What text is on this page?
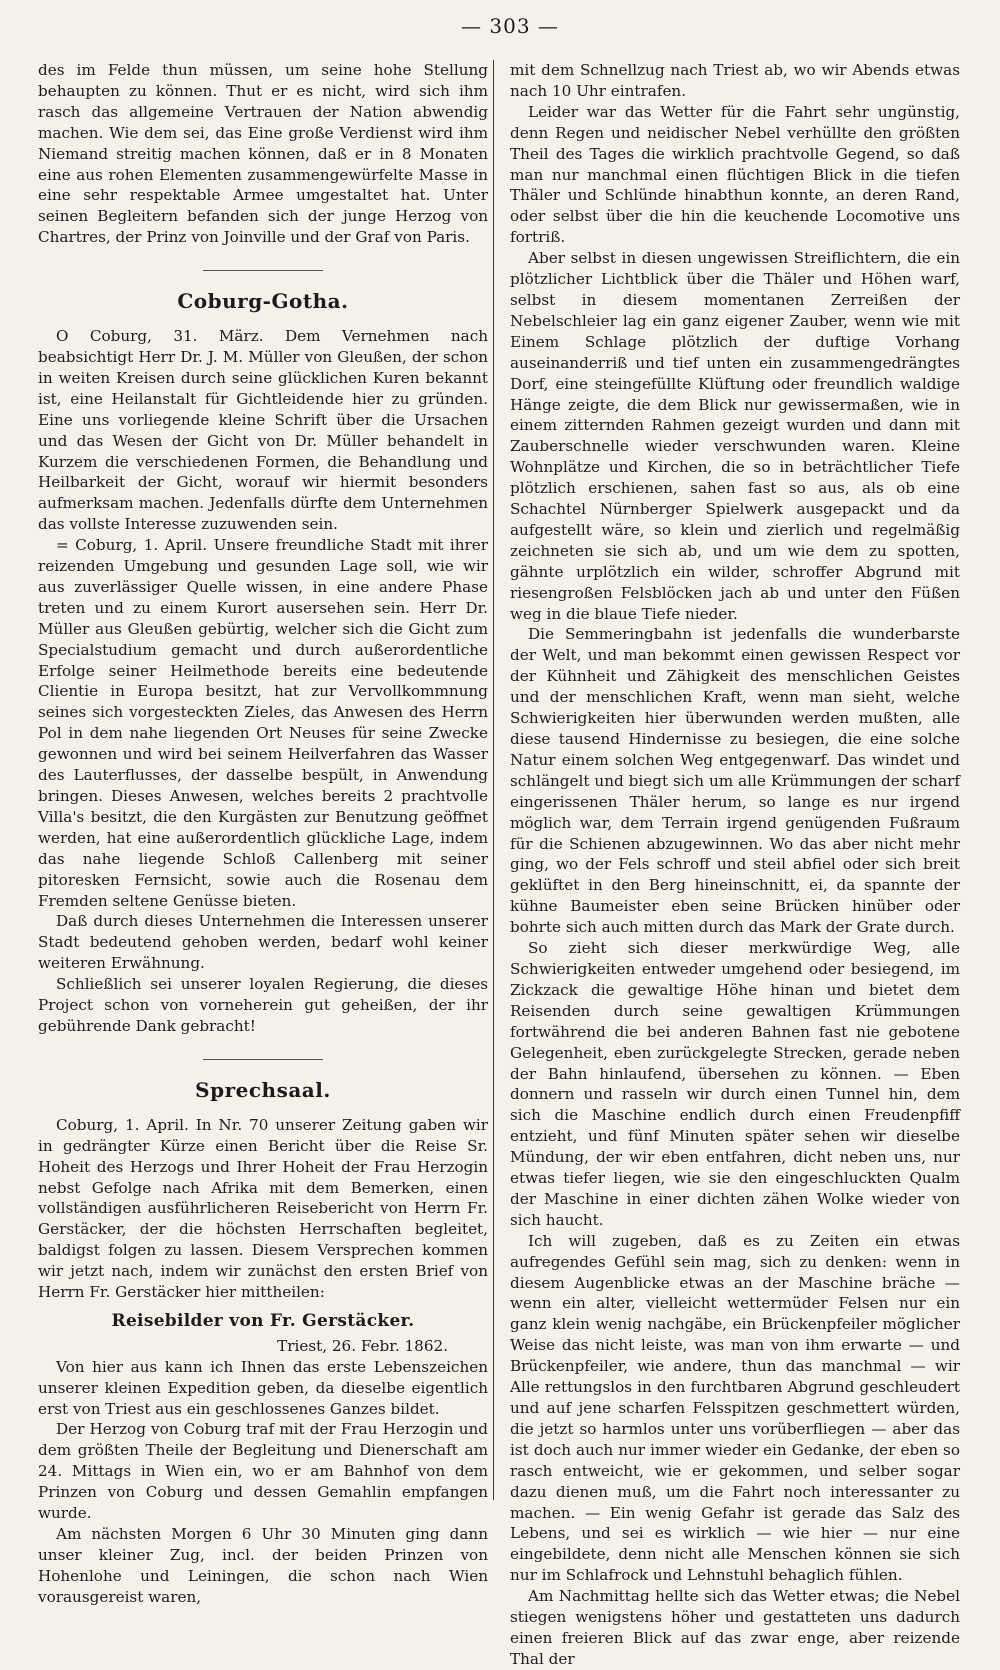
— 303 —

des im Felde thun müssen, um seine hohe Stellung behaupten zu können. Thut er es nicht, wird sich ihm rasch das allgemeine Vertrauen der Nation abwendig machen. Wie dem sei, das Eine große Verdienst wird ihm Niemand streitig machen können, daß er in 8 Monaten eine aus rohen Elementen zusammengewürfelte Masse in eine sehr respektable Armee umgestaltet hat. Unter seinen Begleitern befanden sich der junge Herzog von Chartres, der Prinz von Joinville und der Graf von Paris.

Coburg-Gotha.

O Coburg, 31. März. Dem Vernehmen nach beabsichtigt Herr Dr. J. M. Müller von Gleußen, der schon in weiten Kreisen durch seine glücklichen Kuren bekannt ist, eine Heilanstalt für Gichtleidende hier zu gründen. Eine uns vorliegende kleine Schrift über die Ursachen und das Wesen der Gicht von Dr. Müller behandelt in Kurzem die verschiedenen Formen, die Behandlung und Heilbarkeit der Gicht, worauf wir hiermit besonders aufmerksam machen. Jedenfalls dürfte dem Unternehmen das vollste Interesse zuzuwenden sein.

= Coburg, 1. April. Unsere freundliche Stadt mit ihrer reizenden Umgebung und gesunden Lage soll, wie wir aus zuverlässiger Quelle wissen, in eine andere Phase treten und zu einem Kurort ausersehen sein. Herr Dr. Müller aus Gleußen gebürtig, welcher sich die Gicht zum Specialstudium gemacht und durch außerordentliche Erfolge seiner Heilmethode bereits eine bedeutende Clientie in Europa besitzt, hat zur Vervollkommnung seines sich vorgesteckten Zieles, das Anwesen des Herrn Pol in dem nahe liegenden Ort Neuses für seine Zwecke gewonnen und wird bei seinem Heilverfahren das Wasser des Lauterflusses, der dasselbe bespült, in Anwendung bringen. Dieses Anwesen, welches bereits 2 prachtvolle Villa's besitzt, die den Kurgästen zur Benutzung geöffnet werden, hat eine außerordentlich glückliche Lage, indem das nahe liegende Schloß Callenberg mit seiner pitoresken Fernsicht, sowie auch die Rosenau dem Fremden seltene Genüsse bieten.

Daß durch dieses Unternehmen die Interessen unserer Stadt bedeutend gehoben werden, bedarf wohl keiner weiteren Erwähnung.

Schließlich sei unserer loyalen Regierung, die dieses Project schon von vorneherein gut geheißen, der ihr gebührende Dank gebracht!

Sprechsaal.

Coburg, 1. April. In Nr. 70 unserer Zeitung gaben wir in gedrängter Kürze einen Bericht über die Reise Sr. Hoheit des Herzogs und Ihrer Hoheit der Frau Herzogin nebst Gefolge nach Afrika mit dem Bemerken, einen vollständigen ausführlicheren Reisebericht von Herrn Fr. Gerstäcker, der die höchsten Herrschaften begleitet, baldigst folgen zu lassen. Diesem Versprechen kommen wir jetzt nach, indem wir zunächst den ersten Brief von Herrn Fr. Gerstäcker hier mittheilen:

Reisebilder von Fr. Gerstäcker.

Triest, 26. Febr. 1862.

Von hier aus kann ich Ihnen das erste Lebenszeichen unserer kleinen Expedition geben, da dieselbe eigentlich erst von Triest aus ein geschlossenes Ganzes bildet.

Der Herzog von Coburg traf mit der Frau Herzogin und dem größten Theile der Begleitung und Dienerschaft am 24. Mittags in Wien ein, wo er am Bahnhof von dem Prinzen von Coburg und dessen Gemahlin empfangen wurde.

Am nächsten Morgen 6 Uhr 30 Minuten ging dann unser kleiner Zug, incl. der beiden Prinzen von Hohenlohe und Leiningen, die schon nach Wien vorausgereist waren,

mit dem Schnellzug nach Triest ab, wo wir Abends etwas nach 10 Uhr eintrafen.

Leider war das Wetter für die Fahrt sehr ungünstig, denn Regen und neidischer Nebel verhüllte den größten Theil des Tages die wirklich prachtvolle Gegend, so daß man nur manchmal einen flüchtigen Blick in die tiefen Thäler und Schlünde hinabthun konnte, an deren Rand, oder selbst über die hin die keuchende Locomotive uns fortriß.

Aber selbst in diesen ungewissen Streiflichtern, die ein plötzlicher Lichtblick über die Thäler und Höhen warf, selbst in diesem momentanen Zerreißen der Nebelschleier lag ein ganz eigener Zauber, wenn wie mit Einem Schlage plötzlich der duftige Vorhang auseinanderriß und tief unten ein zusammengedrängtes Dorf, eine steingefüllte Klüftung oder freundlich waldige Hänge zeigte, die dem Blick nur gewissermaßen, wie in einem zitternden Rahmen gezeigt wurden und dann mit Zauberschnelle wieder verschwunden waren. Kleine Wohnplätze und Kirchen, die so in beträchtlicher Tiefe plötzlich erschienen, sahen fast so aus, als ob eine Schachtel Nürnberger Spielwerk ausgepackt und da aufgestellt wäre, so klein und zierlich und regelmäßig zeichneten sie sich ab, und um wie dem zu spotten, gähnte urplötzlich ein wilder, schroffer Abgrund mit riesengroßen Felsblöcken jach ab und unter den Füßen weg in die blaue Tiefe nieder.

Die Semmeringbahn ist jedenfalls die wunderbarste der Welt, und man bekommt einen gewissen Respect vor der Kühnheit und Zähigkeit des menschlichen Geistes und der menschlichen Kraft, wenn man sieht, welche Schwierigkeiten hier überwunden werden mußten, alle diese tausend Hindernisse zu besiegen, die eine solche Natur einem solchen Weg entgegenwarf. Das windet und schlängelt und biegt sich um alle Krümmungen der scharf eingerissenen Thäler herum, so lange es nur irgend möglich war, dem Terrain irgend genügenden Fußraum für die Schienen abzugewinnen. Wo das aber nicht mehr ging, wo der Fels schroff und steil abfiel oder sich breit geklüftet in den Berg hineinschnitt, ei, da spannte der kühne Baumeister eben seine Brücken hinüber oder bohrte sich auch mitten durch das Mark der Grate durch.

So zieht sich dieser merkwürdige Weg, alle Schwierigkeiten entweder umgehend oder besiegend, im Zickzack die gewaltige Höhe hinan und bietet dem Reisenden durch seine gewaltigen Krümmungen fortwährend die bei anderen Bahnen fast nie gebotene Gelegenheit, eben zurückgelegte Strecken, gerade neben der Bahn hinlaufend, übersehen zu können. — Eben donnern und rasseln wir durch einen Tunnel hin, dem sich die Maschine endlich durch einen Freudenpfiff entzieht, und fünf Minuten später sehen wir dieselbe Mündung, der wir eben entfahren, dicht neben uns, nur etwas tiefer liegen, wie sie den eingeschluckten Qualm der Maschine in einer dichten zähen Wolke wieder von sich haucht.

Ich will zugeben, daß es zu Zeiten ein etwas aufregendes Gefühl sein mag, sich zu denken: wenn in diesem Augenblicke etwas an der Maschine bräche — wenn ein alter, vielleicht wettermüder Felsen nur ein ganz klein wenig nachgäbe, ein Brückenpfeiler möglicher Weise das nicht leiste, was man von ihm erwarte — und Brückenpfeiler, wie andere, thun das manchmal — wir Alle rettungslos in den furchtbaren Abgrund geschleudert und auf jene scharfen Felsspitzen geschmettert würden, die jetzt so harmlos unter uns vorüberfliegen — aber das ist doch auch nur immer wieder ein Gedanke, der eben so rasch entweicht, wie er gekommen, und selber sogar dazu dienen muß, um die Fahrt noch interessanter zu machen. — Ein wenig Gefahr ist gerade das Salz des Lebens, und sei es wirklich — wie hier — nur eine eingebildete, denn nicht alle Menschen können sie sich nur im Schlafrock und Lehnstuhl behaglich fühlen.

Am Nachmittag hellte sich das Wetter etwas; die Nebel stiegen wenigstens höher und gestatteten uns dadurch einen freieren Blick auf das zwar enge, aber reizende Thal der
